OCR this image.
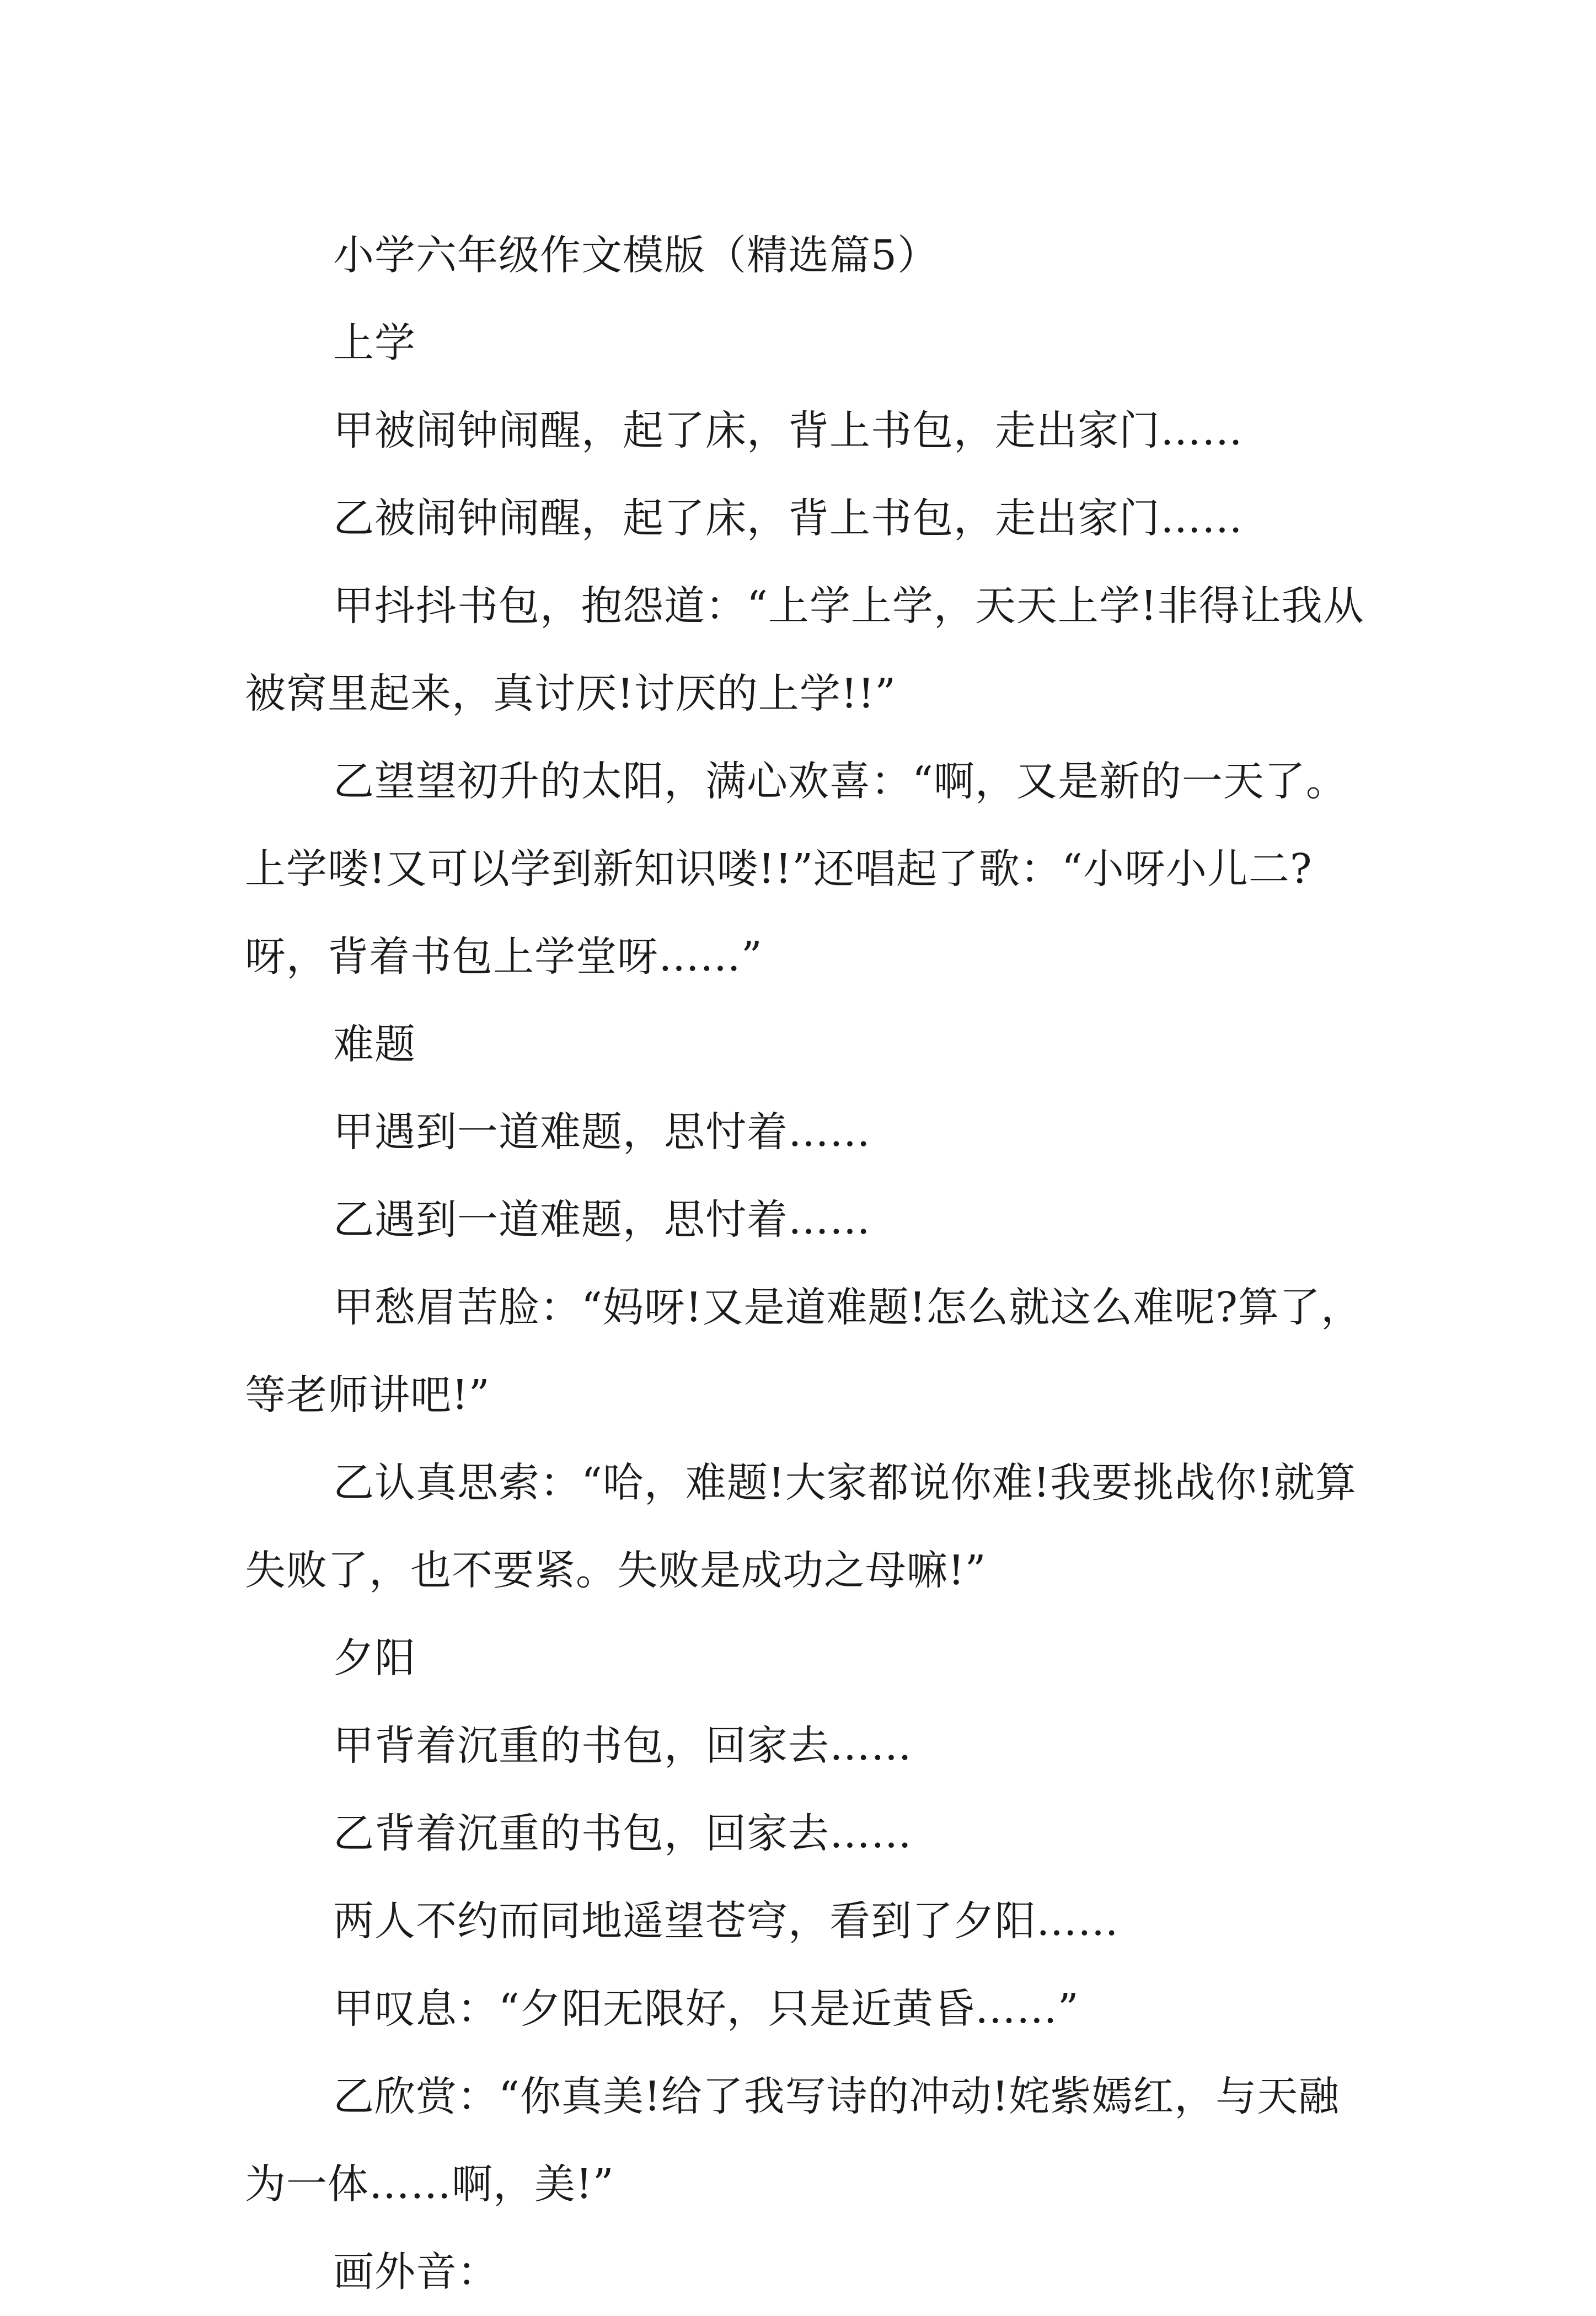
小学六年级作文模版（精选篇5）

上学

甲被闹钟闹醒，起了床，背上书包，走出家门……

乙被闹钟闹醒，起了床，背上书包，走出家门……

甲抖抖书包，抱怨道：“上学上学，天天上学!非得让我从被窝里起来，真讨厌!讨厌的上学!!”

乙望望初升的太阳，满心欢喜：“啊，又是新的一天了。上学喽!又可以学到新知识喽!!”还唱起了歌：“小呀小儿二?呀，背着书包上学堂呀……”

难题

甲遇到一道难题，思忖着……

乙遇到一道难题，思忖着……

甲愁眉苦脸：“妈呀!又是道难题!怎么就这么难呢?算了，等老师讲吧!”

乙认真思索：“哈，难题!大家都说你难!我要挑战你!就算失败了，也不要紧。失败是成功之母嘛!”

夕阳

甲背着沉重的书包，回家去……

乙背着沉重的书包，回家去……

两人不约而同地遥望苍穹，看到了夕阳……

甲叹息：“夕阳无限好，只是近黄昏……”

乙欣赏：“你真美!给了我写诗的冲动!姹紫嫣红，与天融为一体……啊，美!”

画外音：
